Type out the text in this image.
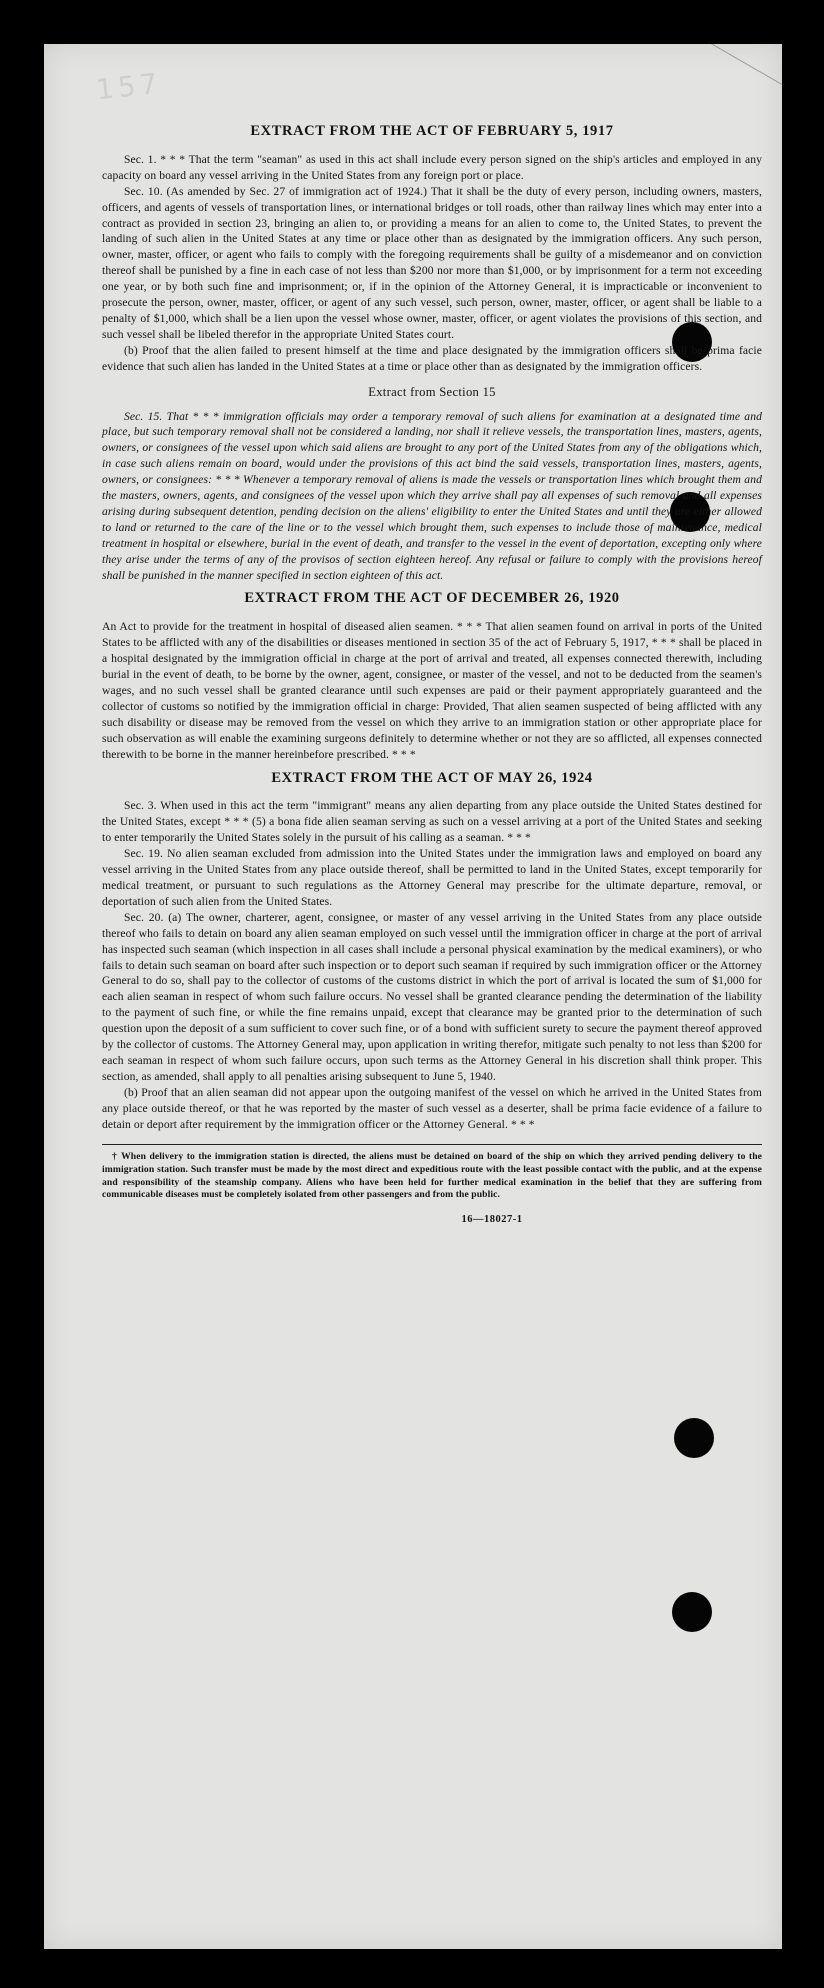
157
EXTRACT FROM THE ACT OF FEBRUARY 5, 1917

Sec. 1. * * * That the term "seaman" as used in this act shall include every person signed on the ship's articles and employed in any capacity on board any vessel arriving in the United States from any foreign port or place.

Sec. 10. (As amended by Sec. 27 of immigration act of 1924.) That it shall be the duty of every person, including owners, masters, officers, and agents of vessels of transportation lines, or international bridges or toll roads, other than railway lines which may enter into a contract as provided in section 23, bringing an alien to, or providing a means for an alien to come to, the United States, to prevent the landing of such alien in the United States at any time or place other than as designated by the immigration officers. Any such person, owner, master, officer, or agent who fails to comply with the foregoing requirements shall be guilty of a misdemeanor and on conviction thereof shall be punished by a fine in each case of not less than $200 nor more than $1,000, or by imprisonment for a term not exceeding one year, or by both such fine and imprisonment; or, if in the opinion of the Attorney General, it is impracticable or inconvenient to prosecute the person, owner, master, officer, or agent of any such vessel, such person, owner, master, officer, or agent shall be liable to a penalty of $1,000, which shall be a lien upon the vessel whose owner, master, officer, or agent violates the provisions of this section, and such vessel shall be libeled therefor in the appropriate United States court.

(b) Proof that the alien failed to present himself at the time and place designated by the immigration officers shall be prima facie evidence that such alien has landed in the United States at a time or place other than as designated by the immigration officers.

Extract from Section 15

Sec. 15. That * * * immigration officials may order a temporary removal of such aliens for examination at a designated time and place, but such temporary removal shall not be considered a landing, nor shall it relieve vessels, the transportation lines, masters, agents, owners, or consignees of the vessel upon which said aliens are brought to any port of the United States from any of the obligations which, in case such aliens remain on board, would under the provisions of this act bind the said vessels, transportation lines, masters, agents, owners, or consignees: * * * Whenever a temporary removal of aliens is made the vessels or transportation lines which brought them and the masters, owners, agents, and consignees of the vessel upon which they arrive shall pay all expenses of such removal and all expenses arising during subsequent detention, pending decision on the aliens' eligibility to enter the United States and until they are either allowed to land or returned to the care of the line or to the vessel which brought them, such expenses to include those of maintenance, medical treatment in hospital or elsewhere, burial in the event of death, and transfer to the vessel in the event of deportation, excepting only where they arise under the terms of any of the provisos of section eighteen hereof. Any refusal or failure to comply with the provisions hereof shall be punished in the manner specified in section eighteen of this act.

EXTRACT FROM THE ACT OF DECEMBER 26, 1920

An Act to provide for the treatment in hospital of diseased alien seamen. * * * That alien seamen found on arrival in ports of the United States to be afflicted with any of the disabilities or diseases mentioned in section 35 of the act of February 5, 1917, * * * shall be placed in a hospital designated by the immigration official in charge at the port of arrival and treated, all expenses connected therewith, including burial in the event of death, to be borne by the owner, agent, consignee, or master of the vessel, and not to be deducted from the seamen's wages, and no such vessel shall be granted clearance until such expenses are paid or their payment appropriately guaranteed and the collector of customs so notified by the immigration official in charge: Provided, That alien seamen suspected of being afflicted with any such disability or disease may be removed from the vessel on which they arrive to an immigration station or other appropriate place for such observation as will enable the examining surgeons definitely to determine whether or not they are so afflicted, all expenses connected therewith to be borne in the manner hereinbefore prescribed. * * *

EXTRACT FROM THE ACT OF MAY 26, 1924

Sec. 3. When used in this act the term "immigrant" means any alien departing from any place outside the United States destined for the United States, except * * * (5) a bona fide alien seaman serving as such on a vessel arriving at a port of the United States and seeking to enter temporarily the United States solely in the pursuit of his calling as a seaman. * * *

Sec. 19. No alien seaman excluded from admission into the United States under the immigration laws and employed on board any vessel arriving in the United States from any place outside thereof, shall be permitted to land in the United States, except temporarily for medical treatment, or pursuant to such regulations as the Attorney General may prescribe for the ultimate departure, removal, or deportation of such alien from the United States.

Sec. 20. (a) The owner, charterer, agent, consignee, or master of any vessel arriving in the United States from any place outside thereof who fails to detain on board any alien seaman employed on such vessel until the immigration officer in charge at the port of arrival has inspected such seaman (which inspection in all cases shall include a personal physical examination by the medical examiners), or who fails to detain such seaman on board after such inspection or to deport such seaman if required by such immigration officer or the Attorney General to do so, shall pay to the collector of customs of the customs district in which the port of arrival is located the sum of $1,000 for each alien seaman in respect of whom such failure occurs. No vessel shall be granted clearance pending the determination of the liability to the payment of such fine, or while the fine remains unpaid, except that clearance may be granted prior to the determination of such question upon the deposit of a sum sufficient to cover such fine, or of a bond with sufficient surety to secure the payment thereof approved by the collector of customs. The Attorney General may, upon application in writing therefor, mitigate such penalty to not less than $200 for each seaman in respect of whom such failure occurs, upon such terms as the Attorney General in his discretion shall think proper. This section, as amended, shall apply to all penalties arising subsequent to June 5, 1940.

(b) Proof that an alien seaman did not appear upon the outgoing manifest of the vessel on which he arrived in the United States from any place outside thereof, or that he was reported by the master of such vessel as a deserter, shall be prima facie evidence of a failure to detain or deport after requirement by the immigration officer or the Attorney General. * * *

† When delivery to the immigration station is directed, the aliens must be detained on board of the ship on which they arrived pending delivery to the immigration station. Such transfer must be made by the most direct and expeditious route with the least possible contact with the public, and at the expense and responsibility of the steamship company. Aliens who have been held for further medical examination in the belief that they are suffering from communicable diseases must be completely isolated from other passengers and from the public.

16—18027-1
